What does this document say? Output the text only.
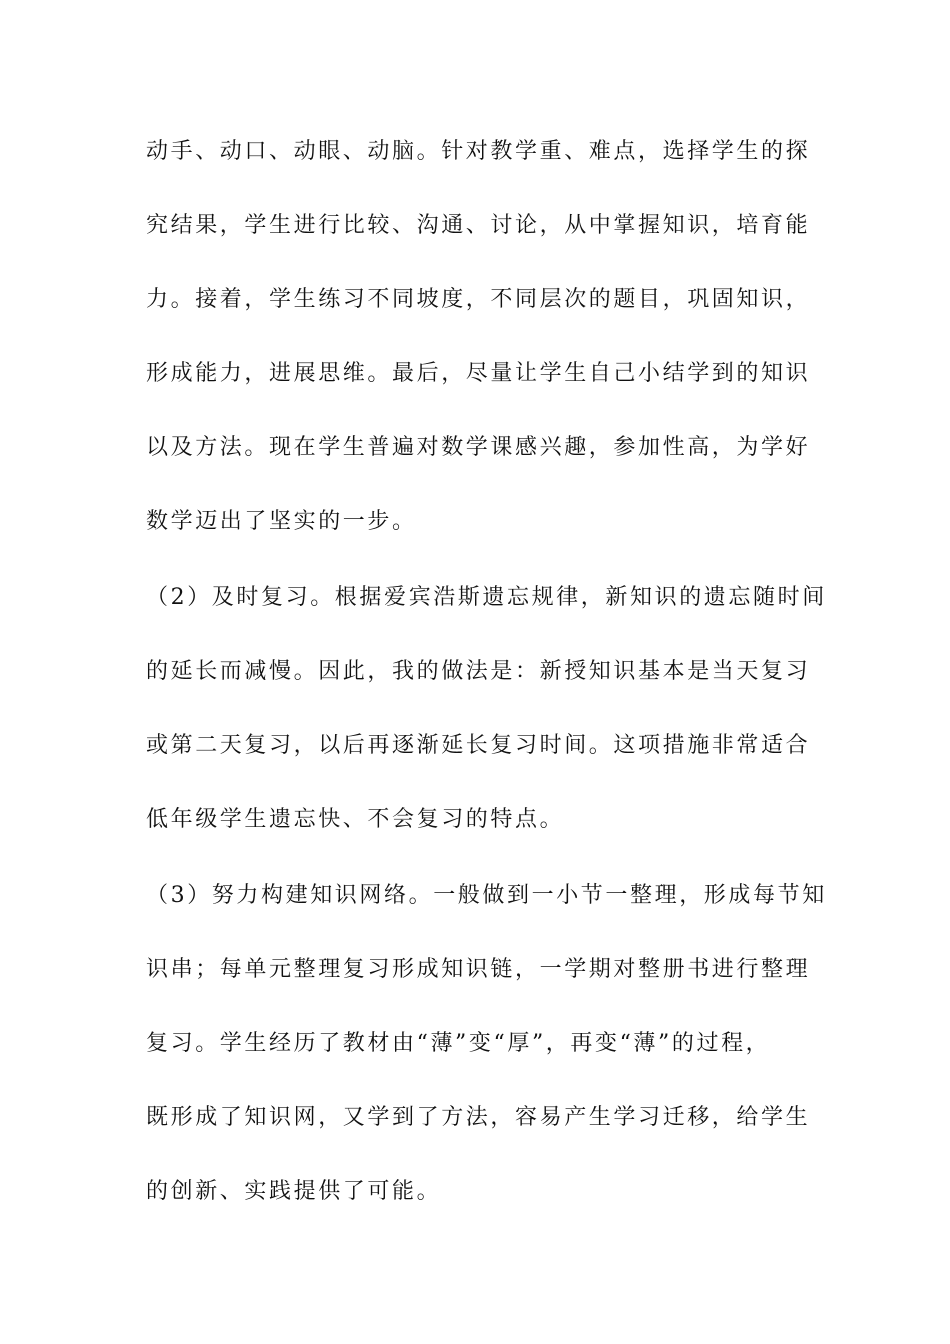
动手、动口、动眼、动脑。针对教学重、难点，选择学生的探
究结果，学生进行比较、沟通、讨论，从中掌握知识，培育能
力。接着，学生练习不同坡度，不同层次的题目，巩固知识，
形成能力，进展思维。最后，尽量让学生自己小结学到的知识
以及方法。现在学生普遍对数学课感兴趣，参加性高，为学好
数学迈出了坚实的一步。
（2）及时复习。根据爱宾浩斯遗忘规律，新知识的遗忘随时间
的延长而减慢。因此，我的做法是：新授知识基本是当天复习
或第二天复习，以后再逐渐延长复习时间。这项措施非常适合
低年级学生遗忘快、不会复习的特点。
（3）努力构建知识网络。一般做到一小节一整理，形成每节知
识串；每单元整理复习形成知识链，一学期对整册书进行整理
复习。学生经历了教材由“薄”变“厚”，再变“薄”的过程，
既形成了知识网，又学到了方法，容易产生学习迁移，给学生
的创新、实践提供了可能。
